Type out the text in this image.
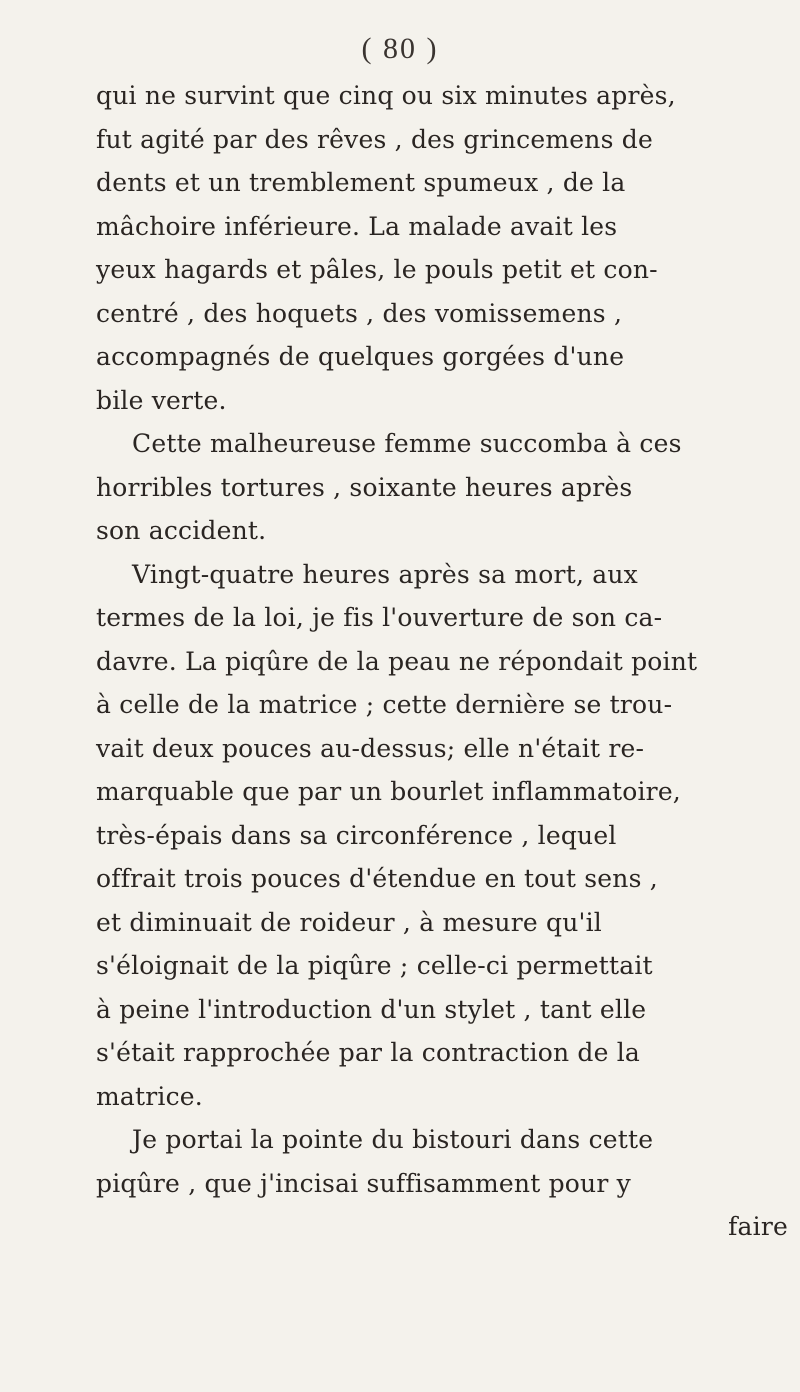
( 80 )
qui ne survint que cinq ou six minutes après,
fut agité par des rêves , des grincemens de
dents et un tremblement spumeux , de la
mâchoire inférieure. La malade avait les
yeux hagards et pâles, le pouls petit et con-
centré , des hoquets , des vomissemens ,
accompagnés de quelques gorgées d'une
bile verte.
Cette malheureuse femme succomba à ces
horribles tortures , soixante heures après
son accident.
Vingt-quatre heures après sa mort, aux
termes de la loi, je fis l'ouverture de son ca-
davre. La piqûre de la peau ne répondait point
à celle de la matrice ; cette dernière se trou-
vait deux pouces au-dessus; elle n'était re-
marquable que par un bourlet inflammatoire,
très-épais dans sa circonférence , lequel
offrait trois pouces d'étendue en tout sens ,
et diminuait de roideur , à mesure qu'il
s'éloignait de la piqûre ; celle-ci permettait
à peine l'introduction d'un stylet , tant elle
s'était rapprochée par la contraction de la
matrice.
Je portai la pointe du bistouri dans cette
piqûre , que j'incisai suffisamment pour y
faire
